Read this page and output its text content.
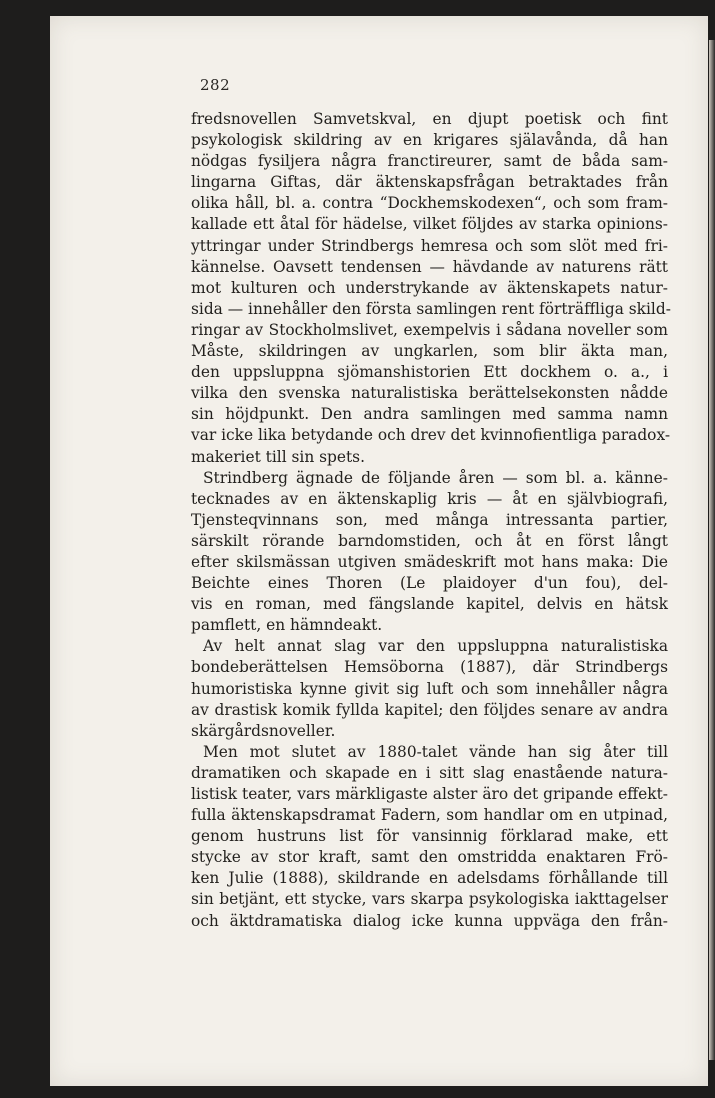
282
fredsnovellen Samvetskval, en djupt poetisk och fint
psykologisk skildring av en krigares själavånda, då han
nödgas fysiljera några franctireurer, samt de båda sam-
lingarna Giftas, där äktenskapsfrågan betraktades från
olika håll, bl. a. contra “Dockhemskodexen“, och som fram-
kallade ett åtal för hädelse, vilket följdes av starka opinions-
yttringar under Strindbergs hemresa och som slöt med fri-
kännelse. Oavsett tendensen — hävdande av naturens rätt
mot kulturen och understrykande av äktenskapets natur-
sida — innehåller den första samlingen rent förträffliga skild-
ringar av Stockholmslivet, exempelvis i sådana noveller som
Måste, skildringen av ungkarlen, som blir äkta man,
den uppsluppna sjömanshistorien Ett dockhem o. a., i
vilka den svenska naturalistiska berättelsekonsten nådde
sin höjdpunkt. Den andra samlingen med samma namn
var icke lika betydande och drev det kvinnofientliga paradox-
makeriet till sin spets.
Strindberg ägnade de följande åren — som bl. a. känne-
tecknades av en äktenskaplig kris — åt en självbiografi,
Tjensteqvinnans son, med många intressanta partier,
särskilt rörande barndomstiden, och åt en först långt
efter skilsmässan utgiven smädeskrift mot hans maka: Die
Beichte eines Thoren (Le plaidoyer d'un fou), del-
vis en roman, med fängslande kapitel, delvis en hätsk
pamflett, en hämndeakt.
Av helt annat slag var den uppsluppna naturalistiska
bondeberättelsen Hemsöborna (1887), där Strindbergs
humoristiska kynne givit sig luft och som innehåller några
av drastisk komik fyllda kapitel; den följdes senare av andra
skärgårdsnoveller.
Men mot slutet av 1880-talet vände han sig åter till
dramatiken och skapade en i sitt slag enastående natura-
listisk teater, vars märkligaste alster äro det gripande effekt-
fulla äktenskapsdramat Fadern, som handlar om en utpinad,
genom hustruns list för vansinnig förklarad make, ett
stycke av stor kraft, samt den omstridda enaktaren Frö-
ken Julie (1888), skildrande en adelsdams förhållande till
sin betjänt, ett stycke, vars skarpa psykologiska iakttagelser
och äktdramatiska dialog icke kunna uppväga den från-
